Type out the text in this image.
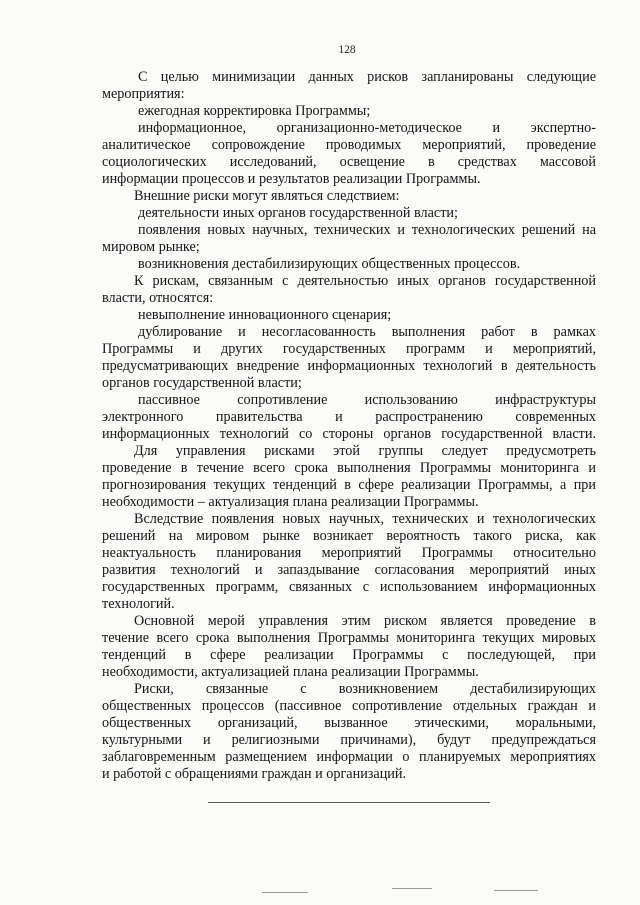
128
С целью минимизации данных рисков запланированы следующие
мероприятия:
ежегодная корректировка Программы;
информационное, организационно-методическое и экспертно-
аналитическое сопровождение проводимых мероприятий, проведение
социологических исследований, освещение в средствах массовой
информации процессов и результатов реализации Программы.
Внешние риски могут являться следствием:
деятельности иных органов государственной власти;
появления новых научных, технических и технологических решений на
мировом рынке;
возникновения дестабилизирующих общественных процессов.
К рискам, связанным с деятельностью иных органов государственной
власти, относятся:
невыполнение инновационного сценария;
дублирование и несогласованность выполнения работ в рамках
Программы и других государственных программ и мероприятий,
предусматривающих внедрение информационных технологий в деятельность
органов государственной власти;
пассивное сопротивление использованию инфраструктуры
электронного правительства и распространению современных
информационных технологий со стороны органов государственной власти.
Для управления рисками этой группы следует предусмотреть
проведение в течение всего срока выполнения Программы мониторинга и
прогнозирования текущих тенденций в сфере реализации Программы, а при
необходимости – актуализация плана реализации Программы.
Вследствие появления новых научных, технических и технологических
решений на мировом рынке возникает вероятность такого риска, как
неактуальность планирования мероприятий Программы относительно
развития технологий и запаздывание согласования мероприятий иных
государственных программ, связанных с использованием информационных
технологий.
Основной мерой управления этим риском является проведение в
течение всего срока выполнения Программы мониторинга текущих мировых
тенденций в сфере реализации Программы с последующей, при
необходимости, актуализацией плана реализации Программы.
Риски, связанные с возникновением дестабилизирующих
общественных процессов (пассивное сопротивление отдельных граждан и
общественных организаций, вызванное этическими, моральными,
культурными и религиозными причинами), будут предупреждаться
заблаговременным размещением информации о планируемых мероприятиях
и работой с обращениями граждан и организаций.
